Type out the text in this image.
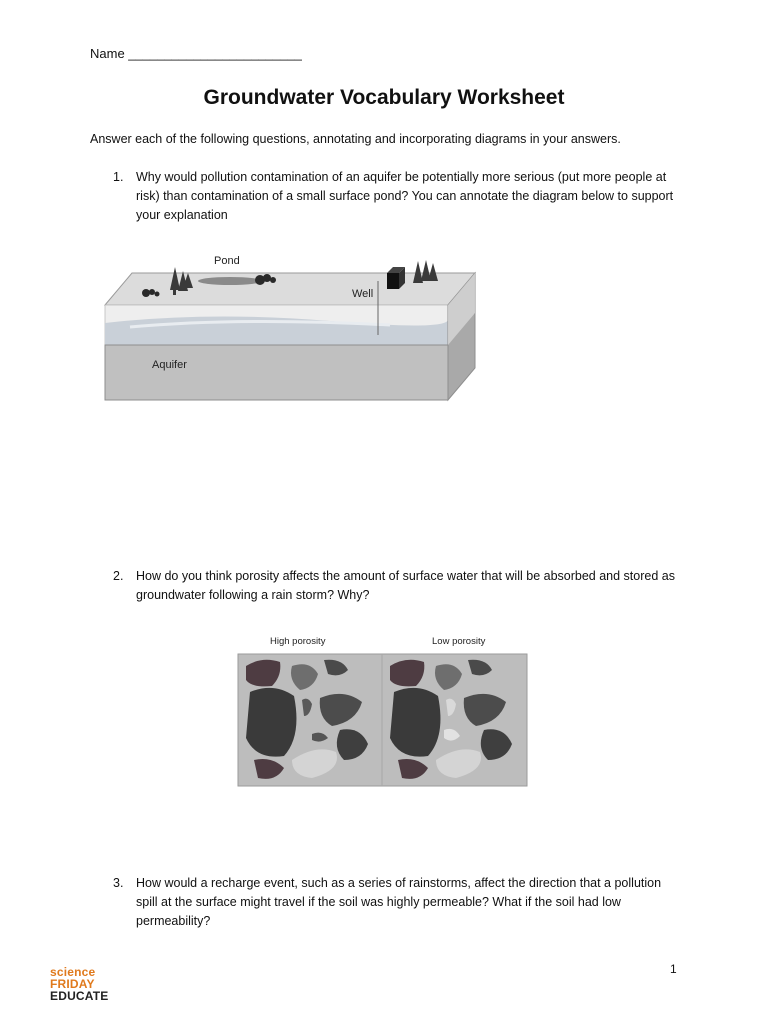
Name ________________________
Groundwater Vocabulary Worksheet
Answer each of the following questions, annotating and incorporating diagrams in your answers.
1. Why would pollution contamination of an aquifer be potentially more serious (put more people at risk) than contamination of a small surface pond? You can annotate the diagram below to support your explanation
Pond
Well
Aquifer
2. How do you think porosity affects the amount of surface water that will be absorbed and stored as groundwater following a rain storm? Why?
High porosity	Low porosity
3. How would a recharge event, such as a series of rainstorms, affect the direction that a pollution spill at the surface might travel if the soil was highly permeable? What if the soil had low permeability?
science
FRIDAY
EDUCATE
1
